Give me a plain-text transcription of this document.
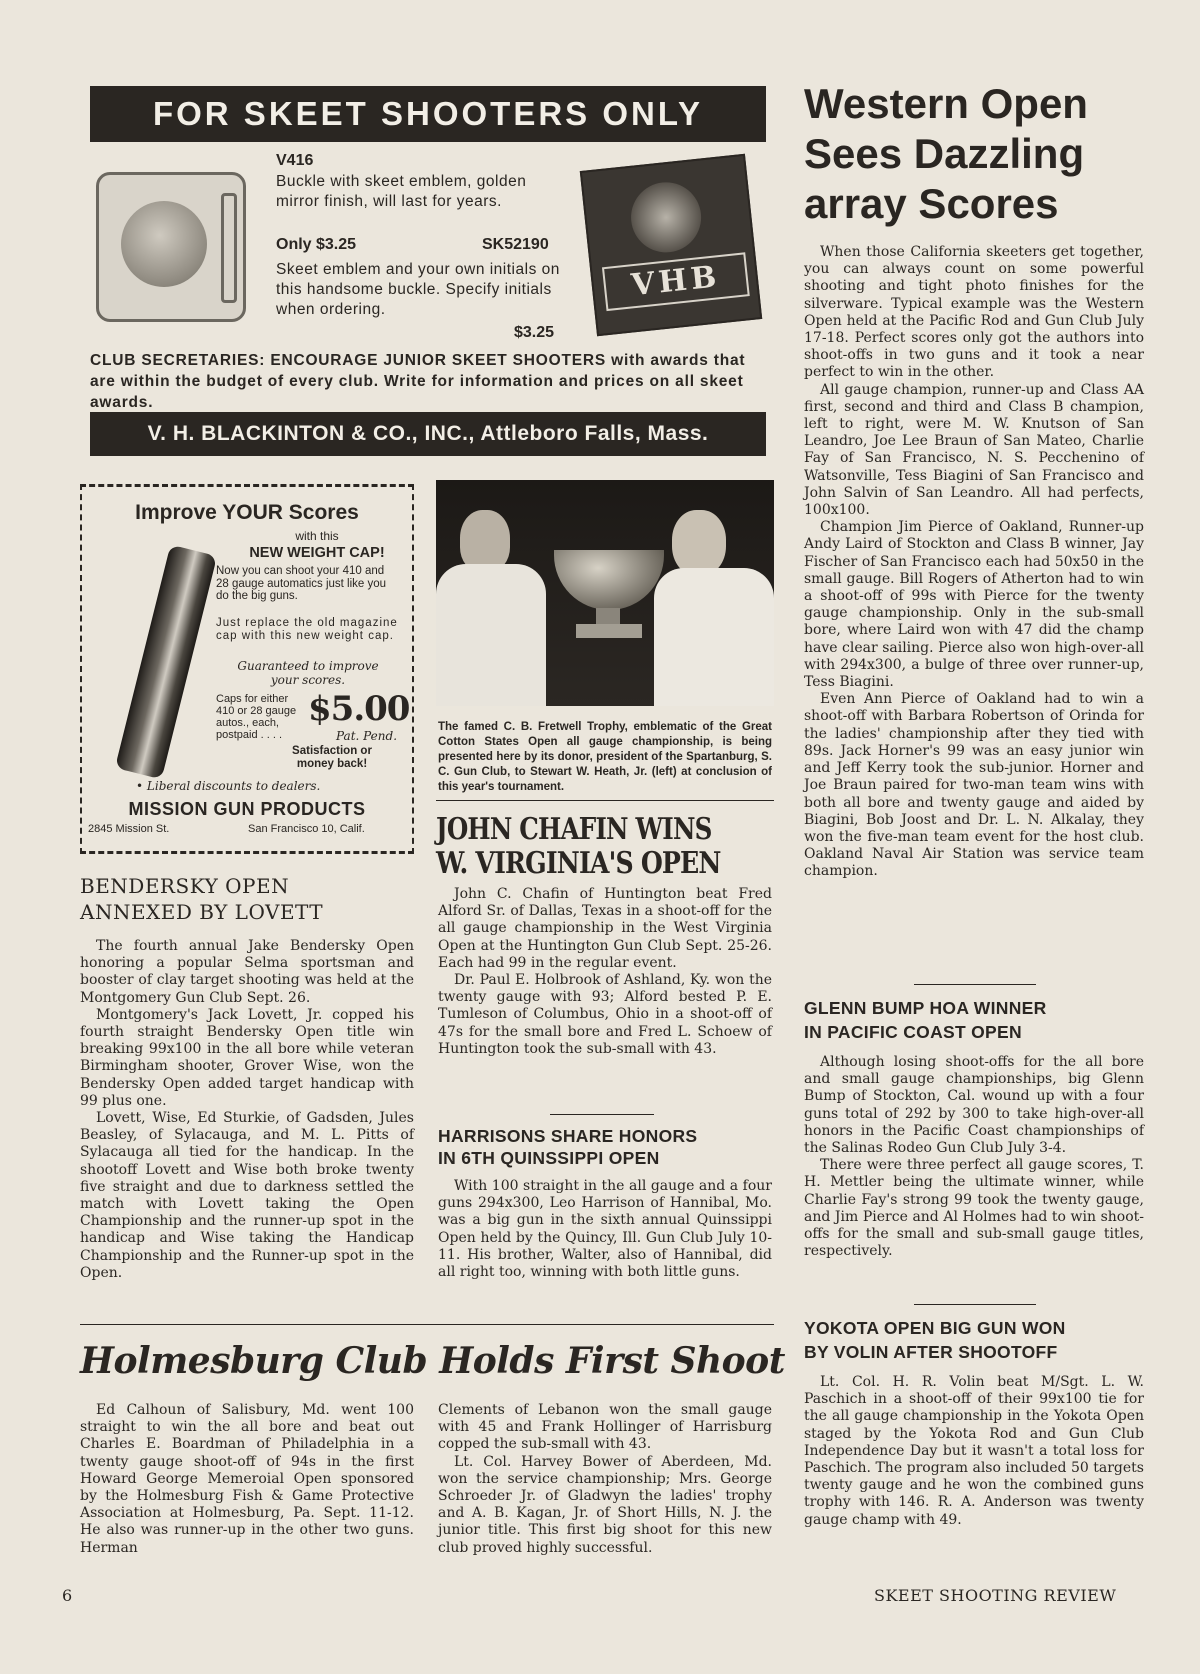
FOR SKEET SHOOTERS ONLY
V416
Buckle with skeet emblem, golden mirror finish, will last for years.
Only $3.25	SK52190
Skeet emblem and your own initials on this handsome buckle. Specify initials when ordering.
$3.25
VHB
CLUB SECRETARIES: ENCOURAGE JUNIOR SKEET SHOOTERS with awards that are within the budget of every club. Write for information and prices on all skeet awards.
V. H. BLACKINTON & CO., INC., Attleboro Falls, Mass.
Improve YOUR Scores
with this
NEW WEIGHT CAP!
Now you can shoot your 410 and 28 gauge automatics just like you do the big guns.
Just replace the old magazine cap with this new weight cap.
Guaranteed to improve your scores.
Caps for either 410 or 28 gauge autos., each, postpaid . . . .
$5.00
Pat. Pend.
Satisfaction or money back!
• Liberal discounts to dealers.
MISSION GUN PRODUCTS
2845 Mission St.	San Francisco 10, Calif.
BENDERSKY OPEN
ANNEXED BY LOVETT

The fourth annual Jake Bendersky Open honoring a popular Selma sportsman and booster of clay target shooting was held at the Montgomery Gun Club Sept. 26.

Montgomery's Jack Lovett, Jr. copped his fourth straight Bendersky Open title win breaking 99x100 in the all bore while veteran Birmingham shooter, Grover Wise, won the Bendersky Open added target handicap with 99 plus one.

Lovett, Wise, Ed Sturkie, of Gadsden, Jules Beasley, of Sylacauga, and M. L. Pitts of Sylacauga all tied for the handicap. In the shootoff Lovett and Wise both broke twenty five straight and due to darkness settled the match with Lovett taking the Open Championship and the runner-up spot in the handicap and Wise taking the Handicap Championship and the Runner-up spot in the Open.

The famed C. B. Fretwell Trophy, emblematic of the Great Cotton States Open all gauge championship, is being presented here by its donor, president of the Spartanburg, S. C. Gun Club, to Stewart W. Heath, Jr. (left) at conclusion of this year's tournament.
JOHN CHAFIN WINS
W. VIRGINIA'S OPEN

John C. Chafin of Huntington beat Fred Alford Sr. of Dallas, Texas in a shoot-off for the all gauge championship in the West Virginia Open at the Huntington Gun Club Sept. 25-26. Each had 99 in the regular event.

Dr. Paul E. Holbrook of Ashland, Ky. won the twenty gauge with 93; Alford bested P. E. Tumleson of Columbus, Ohio in a shoot-off of 47s for the small bore and Fred L. Schoew of Huntington took the sub-small with 43.

HARRISONS SHARE HONORS
IN 6TH QUINSSIPPI OPEN

With 100 straight in the all gauge and a four guns 294x300, Leo Harrison of Hannibal, Mo. was a big gun in the sixth annual Quinssippi Open held by the Quincy, Ill. Gun Club July 10-11. His brother, Walter, also of Hannibal, did all right too, winning with both little guns.

Western Open
Sees Dazzling
array Scores

When those California skeeters get together, you can always count on some powerful shooting and tight photo finishes for the silverware. Typical example was the Western Open held at the Pacific Rod and Gun Club July 17-18. Perfect scores only got the authors into shoot-offs in two guns and it took a near perfect to win in the other.

All gauge champion, runner-up and Class AA first, second and third and Class B champion, left to right, were M. W. Knutson of San Leandro, Joe Lee Braun of San Mateo, Charlie Fay of San Francisco, N. S. Pecchenino of Watsonville, Tess Biagini of San Francisco and John Salvin of San Leandro. All had perfects, 100x100.

Champion Jim Pierce of Oakland, Runner-up Andy Laird of Stockton and Class B winner, Jay Fischer of San Francisco each had 50x50 in the small gauge. Bill Rogers of Atherton had to win a shoot-off of 99s with Pierce for the twenty gauge championship. Only in the sub-small bore, where Laird won with 47 did the champ have clear sailing. Pierce also won high-over-all with 294x300, a bulge of three over runner-up, Tess Biagini.

Even Ann Pierce of Oakland had to win a shoot-off with Barbara Robertson of Orinda for the ladies' championship after they tied with 89s. Jack Horner's 99 was an easy junior win and Jeff Kerry took the sub-junior. Horner and Joe Braun paired for two-man team wins with both all bore and twenty gauge and aided by Biagini, Bob Joost and Dr. L. N. Alkalay, they won the five-man team event for the host club. Oakland Naval Air Station was service team champion.

GLENN BUMP HOA WINNER
IN PACIFIC COAST OPEN

Although losing shoot-offs for the all bore and small gauge championships, big Glenn Bump of Stockton, Cal. wound up with a four guns total of 292 by 300 to take high-over-all honors in the Pacific Coast championships of the Salinas Rodeo Gun Club July 3-4.

There were three perfect all gauge scores, T. H. Mettler being the ultimate winner, while Charlie Fay's strong 99 took the twenty gauge, and Jim Pierce and Al Holmes had to win shoot-offs for the small and sub-small gauge titles, respectively.

YOKOTA OPEN BIG GUN WON
BY VOLIN AFTER SHOOTOFF

Lt. Col. H. R. Volin beat M/Sgt. L. W. Paschich in a shoot-off of their 99x100 tie for the all gauge championship in the Yokota Open staged by the Yokota Rod and Gun Club Independence Day but it wasn't a total loss for Paschich. The program also included 50 targets twenty gauge and he won the combined guns trophy with 146. R. A. Anderson was twenty gauge champ with 49.

Holmesburg Club Holds First Shoot

Ed Calhoun of Salisbury, Md. went 100 straight to win the all bore and beat out Charles E. Boardman of Philadelphia in a twenty gauge shoot-off of 94s in the first Howard George Memeroial Open sponsored by the Holmesburg Fish & Game Protective Association at Holmesburg, Pa. Sept. 11-12. He also was runner-up in the other two guns. Herman

Clements of Lebanon won the small gauge with 45 and Frank Hollinger of Harrisburg copped the sub-small with 43.

Lt. Col. Harvey Bower of Aberdeen, Md. won the service championship; Mrs. George Schroeder Jr. of Gladwyn the ladies' trophy and A. B. Kagan, Jr. of Short Hills, N. J. the junior title. This first big shoot for this new club proved highly successful.

6	SKEET SHOOTING REVIEW
